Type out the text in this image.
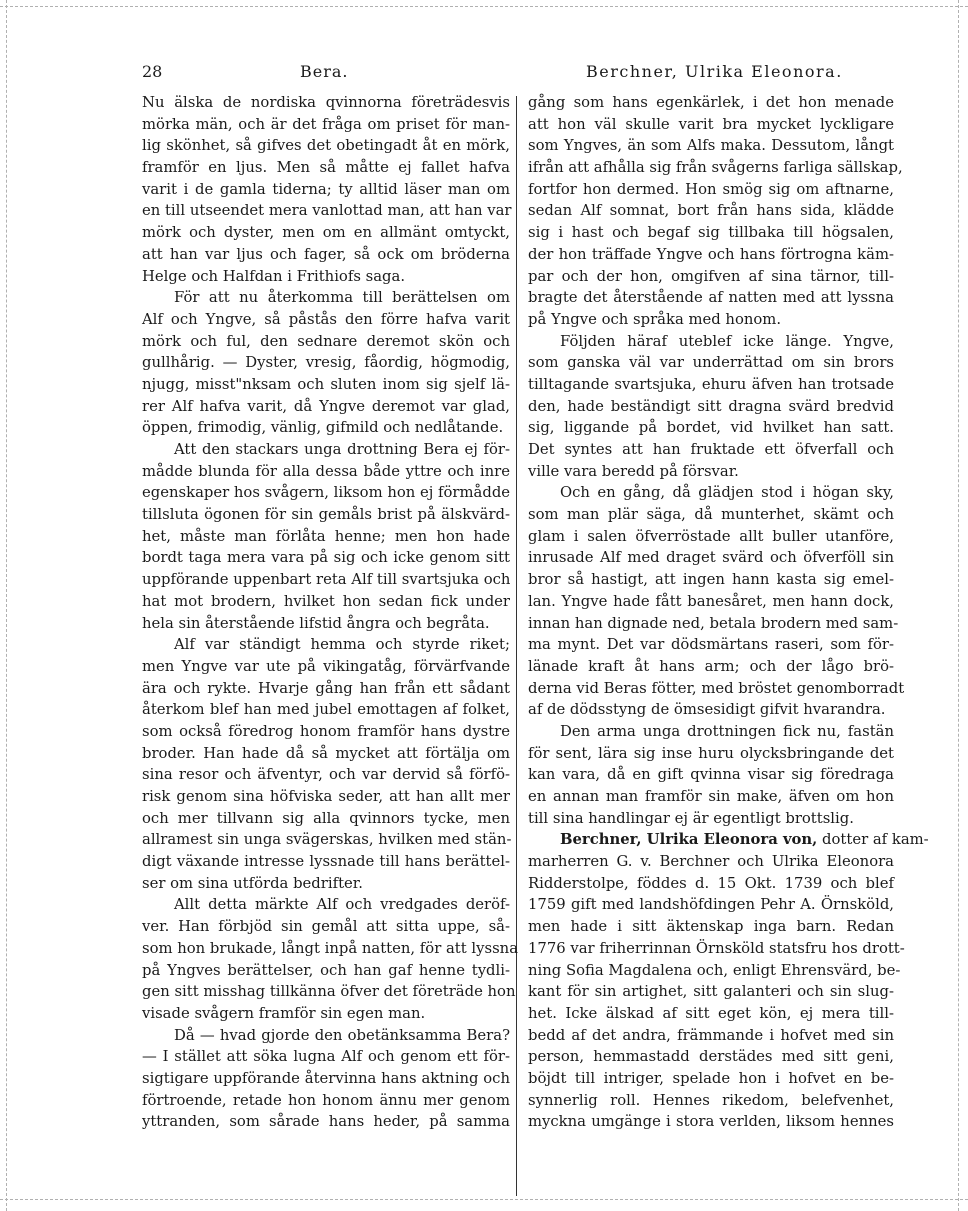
28	Bera.	Berchner, Ulrika Eleonora.
Nu älska de nordiska qvinnorna företrädesvis
mörka män, och är det fråga om priset för man-
lig skönhet, så gifves det obetingadt åt en mörk,
framför en ljus. Men så måtte ej fallet hafva
varit i de gamla tiderna; ty alltid läser man om
en till utseendet mera vanlottad man, att han var
mörk och dyster, men om en allmänt omtyckt,
att han var ljus och fager, så ock om bröderna
Helge och Halfdan i Frithiofs saga.
För att nu återkomma till berättelsen om
Alf och Yngve, så påstås den förre hafva varit
mörk och ful, den sednare deremot skön och
gullhårig. — Dyster, vresig, fåordig, högmodig,
njugg, misst"nksam och sluten inom sig sjelf lä-
rer Alf hafva varit, då Yngve deremot var glad,
öppen, frimodig, vänlig, gifmild och nedlåtande.
Att den stackars unga drottning Bera ej för-
mådde blunda för alla dessa både yttre och inre
egenskaper hos svågern, liksom hon ej förmådde
tillsluta ögonen för sin gemåls brist på älskvärd-
het, måste man förlåta henne; men hon hade
bordt taga mera vara på sig och icke genom sitt
uppförande uppenbart reta Alf till svartsjuka och
hat mot brodern, hvilket hon sedan fick under
hela sin återstående lifstid ångra och begråta.
Alf var ständigt hemma och styrde riket;
men Yngve var ute på vikingatåg, förvärfvande
ära och rykte. Hvarje gång han från ett sådant
återkom blef han med jubel emottagen af folket,
som också föredrog honom framför hans dystre
broder. Han hade då så mycket att förtälja om
sina resor och äfventyr, och var dervid så förfö-
risk genom sina höfviska seder, att han allt mer
och mer tillvann sig alla qvinnors tycke, men
allramest sin unga svägerskas, hvilken med stän-
digt växande intresse lyssnade till hans berättel-
ser om sina utförda bedrifter.
Allt detta märkte Alf och vredgades deröf-
ver. Han förbjöd sin gemål att sitta uppe, så-
som hon brukade, långt inpå natten, för att lyssna
på Yngves berättelser, och han gaf henne tydli-
gen sitt misshag tillkänna öfver det företräde hon
visade svågern framför sin egen man.
Då — hvad gjorde den obetänksamma Bera?
— I stället att söka lugna Alf och genom ett för-
sigtigare uppförande återvinna hans aktning och
förtroende, retade hon honom ännu mer genom
yttranden, som sårade hans heder, på samma
gång som hans egenkärlek, i det hon menade
att hon väl skulle varit bra mycket lyckligare
som Yngves, än som Alfs maka. Dessutom, långt
ifrån att afhålla sig från svågerns farliga sällskap,
fortfor hon dermed. Hon smög sig om aftnarne,
sedan Alf somnat, bort från hans sida, klädde
sig i hast och begaf sig tillbaka till högsalen,
der hon träffade Yngve och hans förtrogna käm-
par och der hon, omgifven af sina tärnor, till-
bragte det återstående af natten med att lyssna
på Yngve och språka med honom.
Följden häraf uteblef icke länge. Yngve,
som ganska väl var underrättad om sin brors
tilltagande svartsjuka, ehuru äfven han trotsade
den, hade beständigt sitt dragna svärd bredvid
sig, liggande på bordet, vid hvilket han satt.
Det syntes att han fruktade ett öfverfall och
ville vara beredd på försvar.
Och en gång, då glädjen stod i högan sky,
som man plär säga, då munterhet, skämt och
glam i salen öfverröstade allt buller utanföre,
inrusade Alf med draget svärd och öfverföll sin
bror så hastigt, att ingen hann kasta sig emel-
lan. Yngve hade fått banesåret, men hann dock,
innan han dignade ned, betala brodern med sam-
ma mynt. Det var dödsmärtans raseri, som för-
länade kraft åt hans arm; och der lågo brö-
derna vid Beras fötter, med bröstet genomborradt
af de dödsstyng de ömsesidigt gifvit hvarandra.
Den arma unga drottningen fick nu, fastän
för sent, lära sig inse huru olycksbringande det
kan vara, då en gift qvinna visar sig föredraga
en annan man framför sin make, äfven om hon
till sina handlingar ej är egentligt brottslig.
Berchner, Ulrika Eleonora von, dotter af kam-
marherren G. v. Berchner och Ulrika Eleonora
Ridderstolpe, föddes d. 15 Okt. 1739 och blef
1759 gift med landshöfdingen Pehr A. Örnsköld,
men hade i sitt äktenskap inga barn. Redan
1776 var friherrinnan Örnsköld statsfru hos drott-
ning Sofia Magdalena och, enligt Ehrensvärd, be-
kant för sin artighet, sitt galanteri och sin slug-
het. Icke älskad af sitt eget kön, ej mera till-
bedd af det andra, främmande i hofvet med sin
person, hemmastadd derstädes med sitt geni,
böjdt till intriger, spelade hon i hofvet en be-
synnerlig roll. Hennes rikedom, belefvenhet,
myckna umgänge i stora verlden, liksom hennes
